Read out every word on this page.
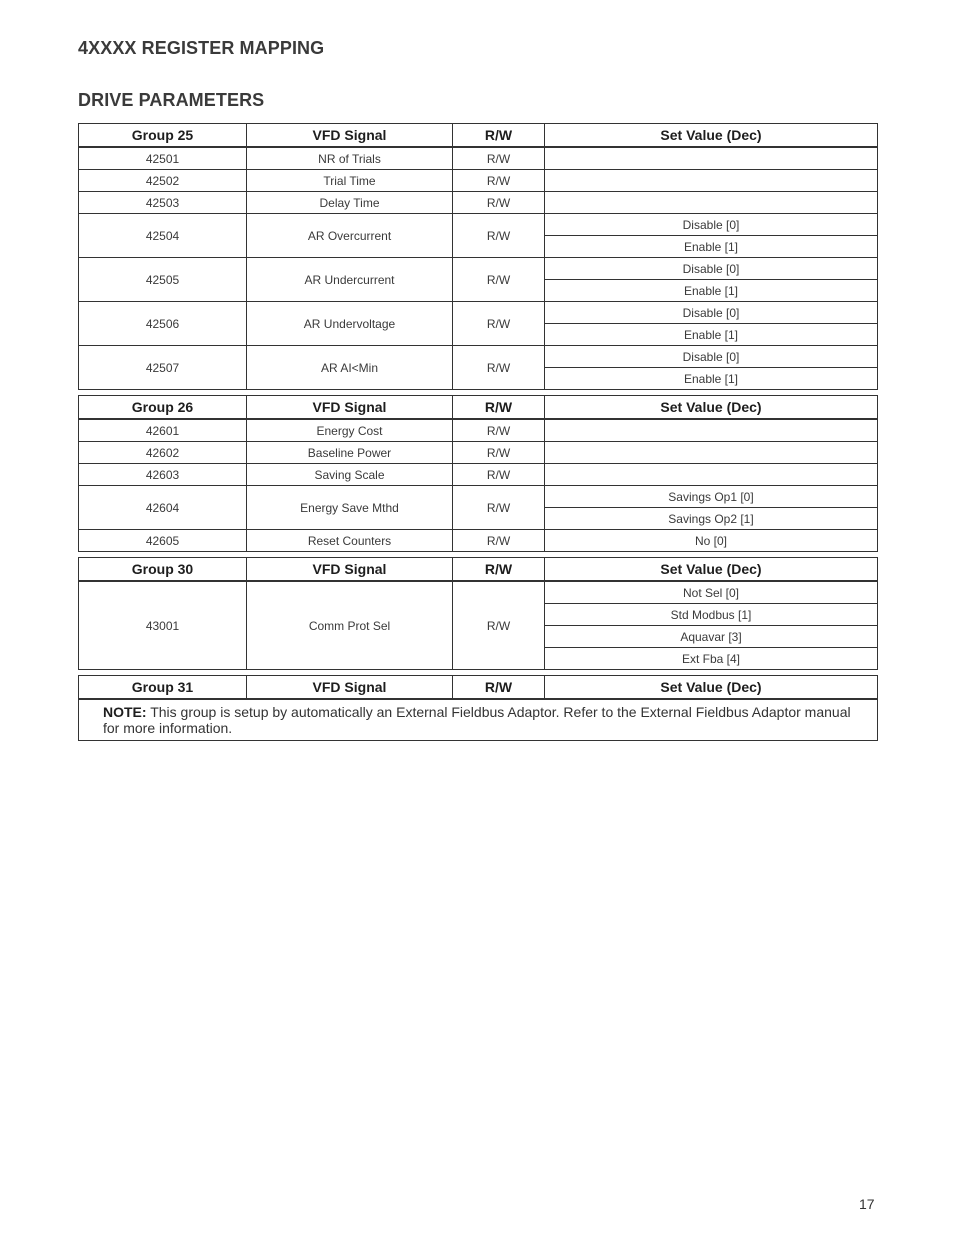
4XXXX REGISTER MAPPING
DRIVE PARAMETERS
Group 25	VFD Signal	R/W	Set Value (Dec)
42501	NR of Trials	R/W	
42502	Trial Time	R/W	
42503	Delay Time	R/W	
42504	AR Overcurrent	R/W	Disable [0]
			Enable [1]
42505	AR Undercurrent	R/W	Disable [0]
			Enable [1]
42506	AR Undervoltage	R/W	Disable [0]
			Enable [1]
42507	AR AI<Min	R/W	Disable [0]
			Enable [1]
Group 26	VFD Signal	R/W	Set Value (Dec)
42601	Energy Cost	R/W	
42602	Baseline Power	R/W	
42603	Saving Scale	R/W	
42604	Energy Save Mthd	R/W	Savings Op1 [0]
			Savings Op2 [1]
42605	Reset Counters	R/W	No [0]
Group 30	VFD Signal	R/W	Set Value (Dec)
43001	Comm Prot Sel	R/W	Not Sel [0]
			Std Modbus [1]
			Aquavar [3]
			Ext Fba [4]
Group 31	VFD Signal	R/W	Set Value (Dec)
NOTE: This group is setup by automatically an External Fieldbus Adaptor. Refer to the External Fieldbus Adaptor manual for more information.
17
